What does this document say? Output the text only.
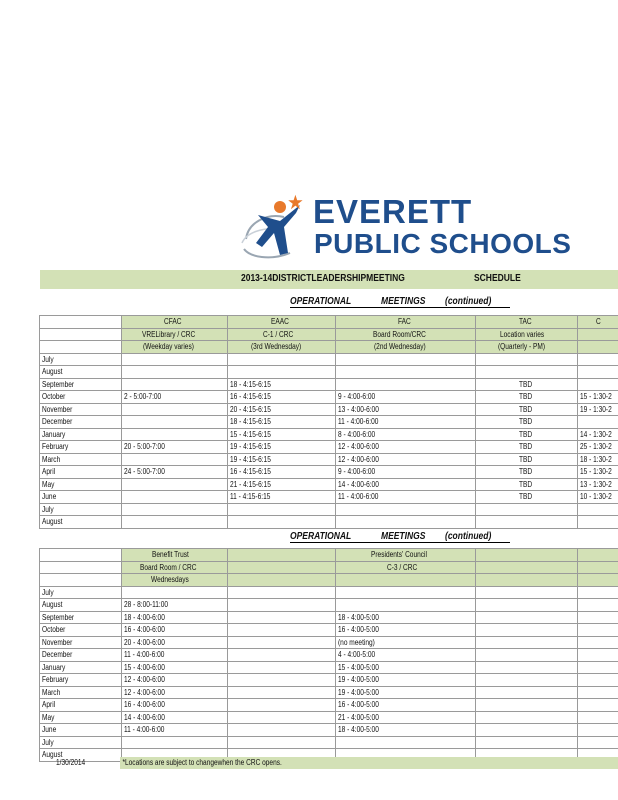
EVERETT
PUBLIC SCHOOLS
2013-14DISTRICTLEADERSHIPMEETING	SCHEDULE
OPERATIONAL	MEETINGS (continued)
	CFAC	EAAC	FAC	TAC	C
	VRELibrary / CRC	C-1 / CRC	Board Room/CRC	Location varies	
	(Weekday varies)	(3rd Wednesday)	(2nd Wednesday)	(Quarterly - PM)	
July					
August					
September		18 - 4:15-6:15		TBD	
October	2 - 5:00-7:00	16 - 4:15-6:15	9 - 4:00-6:00	TBD	15 - 1:30-2
November		20 - 4:15-6:15	13 - 4:00-6:00	TBD	19 - 1:30-2
December		18 - 4:15-6:15	11 - 4:00-6:00	TBD	
January		15 - 4:15-6:15	8 - 4:00-6:00	TBD	14 - 1:30-2
February	20 - 5:00-7:00	19 - 4:15-6:15	12 - 4:00-6:00	TBD	25 - 1:30-2
March		19 - 4:15-6:15	12 - 4:00-6:00	TBD	18 - 1:30-2
April	24 - 5:00-7:00	16 - 4:15-6:15	9 - 4:00-6:00	TBD	15 - 1:30-2
May		21 - 4:15-6:15	14 - 4:00-6:00	TBD	13 - 1:30-2
June		11 - 4:15-6:15	11 - 4:00-6:00	TBD	10 - 1:30-2
July					
August					
OPERATIONAL	MEETINGS (continued)
	Benefit Trust		Presidents' Council		
	Board Room / CRC		C-3 / CRC		
	Wednesdays				
July					
August	28 - 8:00-11:00				
September	18 - 4:00-6:00		18 - 4:00-5:00		
October	16 - 4:00-6:00		16 - 4:00-5:00		
November	20 - 4:00-6:00		(no meeting)		
December	11 - 4:00-6:00		4 - 4:00-5:00		
January	15 - 4:00-6:00		15 - 4:00-5:00		
February	12 - 4:00-6:00		19 - 4:00-5:00		
March	12 - 4:00-6:00		19 - 4:00-5:00		
April	16 - 4:00-6:00		16 - 4:00-5:00		
May	14 - 4:00-6:00		21 - 4:00-5:00		
June	11 - 4:00-6:00		18 - 4:00-5:00		
July					
August					
1/30/2014	*Locations are subject to changewhen the CRC opens.
